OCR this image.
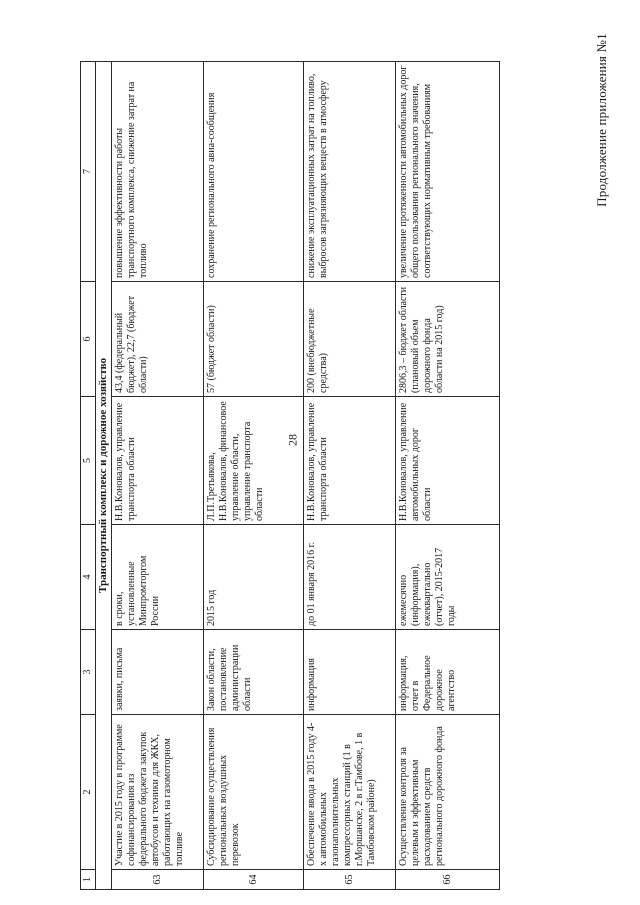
Продолжение приложения №1
28
1	2	3	4	5	6	7
Транспортный комплекс и дорожное хозяйство						
63	Участие в 2015 году в программе софинансирования из федерального бюджета закупок автобусов и техники для ЖКХ, работающих на газомоторном топливе	заявки, письма	в сроки, установленные Минпромторгом России	Н.В.Коновалов, управление транспорта области	43,4 (федеральный бюджет), 22,7 (бюджет области)	повышение эффективности работы транспортного комплекса, снижение затрат на топливо
64	Субсидирование осуществления региональных воздушных перевозок	Закон области, постановление администрации области	2015 год	Л.П.Третьякова, Н.В.Коновалов, финансовое управление области, управление транспорта области	57 (бюджет области)	сохранение регионального авиа-сообщения
65	Обеспечение ввода в 2015 году 4-х автомобильных газонаполнительных компрессорных станций (1 в г.Моршанске, 2 в г.Тамбове, 1 в Тамбовском районе)	информация	до 01 января 2016 г.	Н.В.Коновалов, управление транспорта области	200 (внебюджетные средства)	снижение эксплуатационных затрат на топливо, выбросов загрязняющих веществ в атмосферу
66	Осуществление контроля за целевым и эффективным расходованием средств регионального дорожного фонда	информация, отчет в Федеральное дорожное агентство	ежемесячно (информация), ежеквартально (отчет), 2015-2017 годы	Н.В.Коновалов, управление автомобильных дорог области	2806,3 – бюджет области (плановый объем дорожного фонда области на 2015 год)	увеличение протяженности автомобильных дорог общего пользования регионального значения, соответствующих нормативным требованиям
